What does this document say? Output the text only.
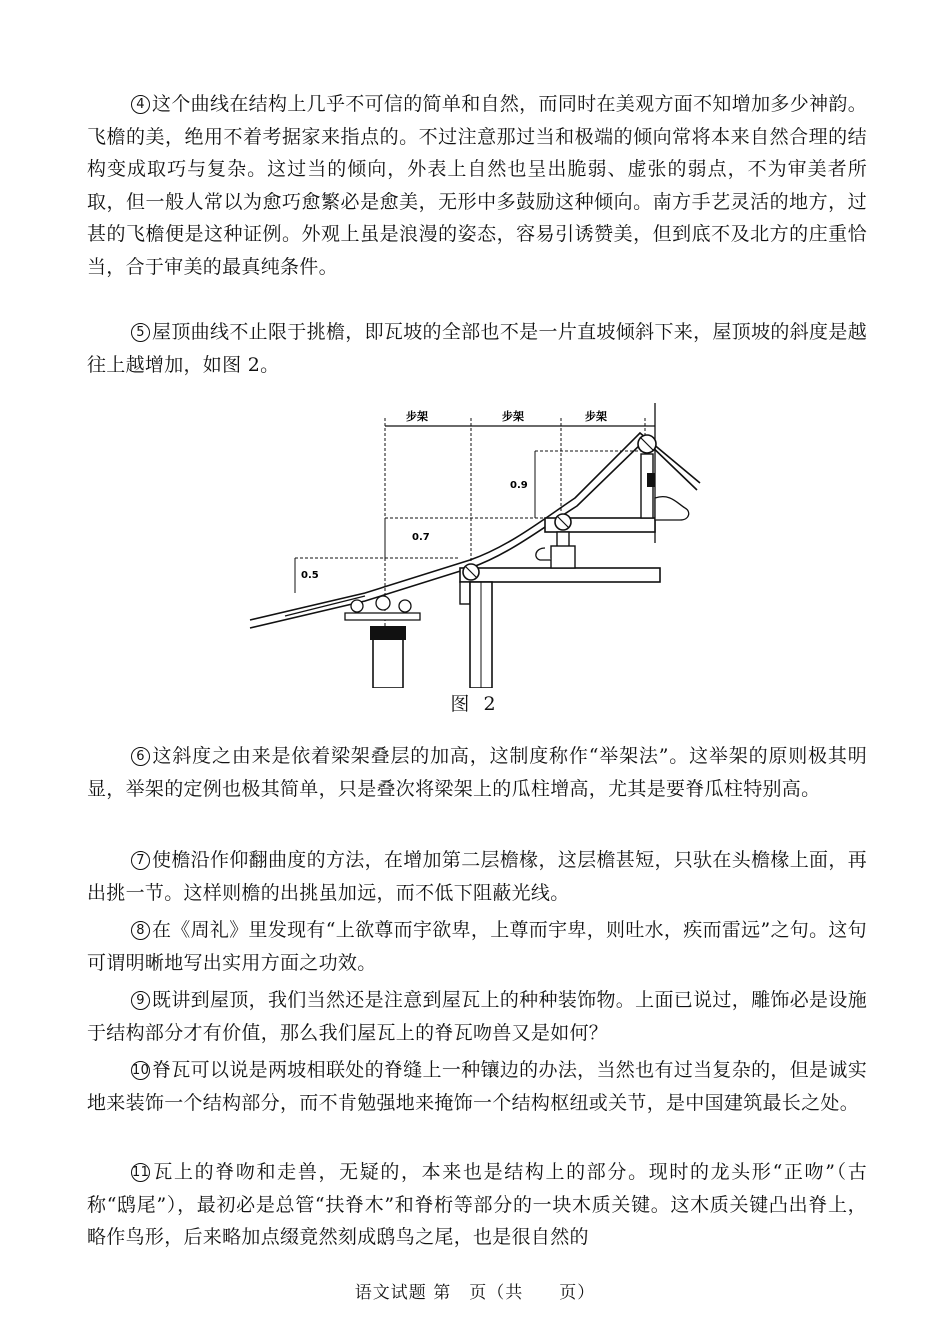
4 这个曲线在结构上几乎不可信的简单和自然，而同时在美观方面不知增加多少神韵。飞檐的美，绝用不着考据家来指点的。不过注意那过当和极端的倾向常将本来自然合理的结构变成取巧与复杂。这过当的倾向，外表上自然也呈出脆弱、虚张的弱点，不为审美者所取，但一般人常以为愈巧愈繁必是愈美，无形中多鼓励这种倾向。南方手艺灵活的地方，过甚的飞檐便是这种证例。外观上虽是浪漫的姿态，容易引诱赞美，但到底不及北方的庄重恰当，合于审美的最真纯条件。

5 屋顶曲线不止限于挑檐，即瓦坡的全部也不是一片直坡倾斜下来，屋顶坡的斜度是越往上越增加，如图 2。

步架	步架	步架
0.5
0.7
0.9
图 2

6 这斜度之由来是依着梁架叠层的加高，这制度称作“举架法”。这举架的原则极其明显，举架的定例也极其简单，只是叠次将梁架上的瓜柱增高，尤其是要脊瓜柱特别高。

7 使檐沿作仰翻曲度的方法，在增加第二层檐椽，这层檐甚短，只驮在头檐椽上面，再出挑一节。这样则檐的出挑虽加远，而不低下阻蔽光线。

8 在《周礼》里发现有“上欲尊而宇欲卑，上尊而宇卑，则吐水，疾而雷远”之句。这句可谓明晰地写出实用方面之功效。

9 既讲到屋顶，我们当然还是注意到屋瓦上的种种装饰物。上面已说过，雕饰必是设施于结构部分才有价值，那么我们屋瓦上的脊瓦吻兽又是如何？

10 脊瓦可以说是两坡相联处的脊缝上一种镶边的办法，当然也有过当复杂的，但是诚实地来装饰一个结构部分，而不肯勉强地来掩饰一个结构枢纽或关节，是中国建筑最长之处。

11 瓦上的脊吻和走兽，无疑的，本来也是结构上的部分。现时的龙头形“正吻”（古称“鸱尾”），最初必是总管“扶脊木”和脊桁等部分的一块木质关键。这木质关键凸出脊上，略作鸟形，后来略加点缀竟然刻成鸱鸟之尾，也是很自然的

语文试题 第　页（共　　页）
